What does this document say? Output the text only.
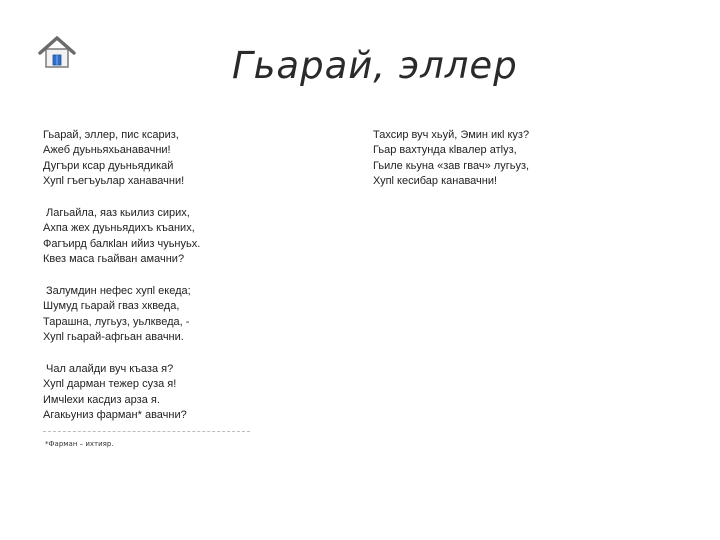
Гьарай, эллер
Гьарай, эллер, пис ксариз,
Ажеб дуьньяхьанавачни!
Дугъри ксар дуьньядикай
Хупl гъегъуьлар ханавачни!
Лагьайла, яаз кьилиз сирих,
Ахпа жех дуьньядихъ къаних,
Фагъирд балкlан ийиз чуьнуьх.
Квез маса гьайван амачни?
Залумдин нефес хупl екеда;
Шумуд гьарай гваз хкведа,
Тарашна, лугьуз, уьлкведа, -
Хупl гьарай-афгьан авачни.
Чал алайди вуч къаза я?
Хупl дарман тежер суза я!
Имчlехи касдиз арза я.
Агакьуниз фарман* авачни?
Тахсир вуч хьуй, Эмин икl куз?
Гьар вахтунда кlвалер атlуз,
Гьиле кьуна «зав гвач» лугьуз,
Хупl кесибар канавачни!
*Фарман – ихтияр.
